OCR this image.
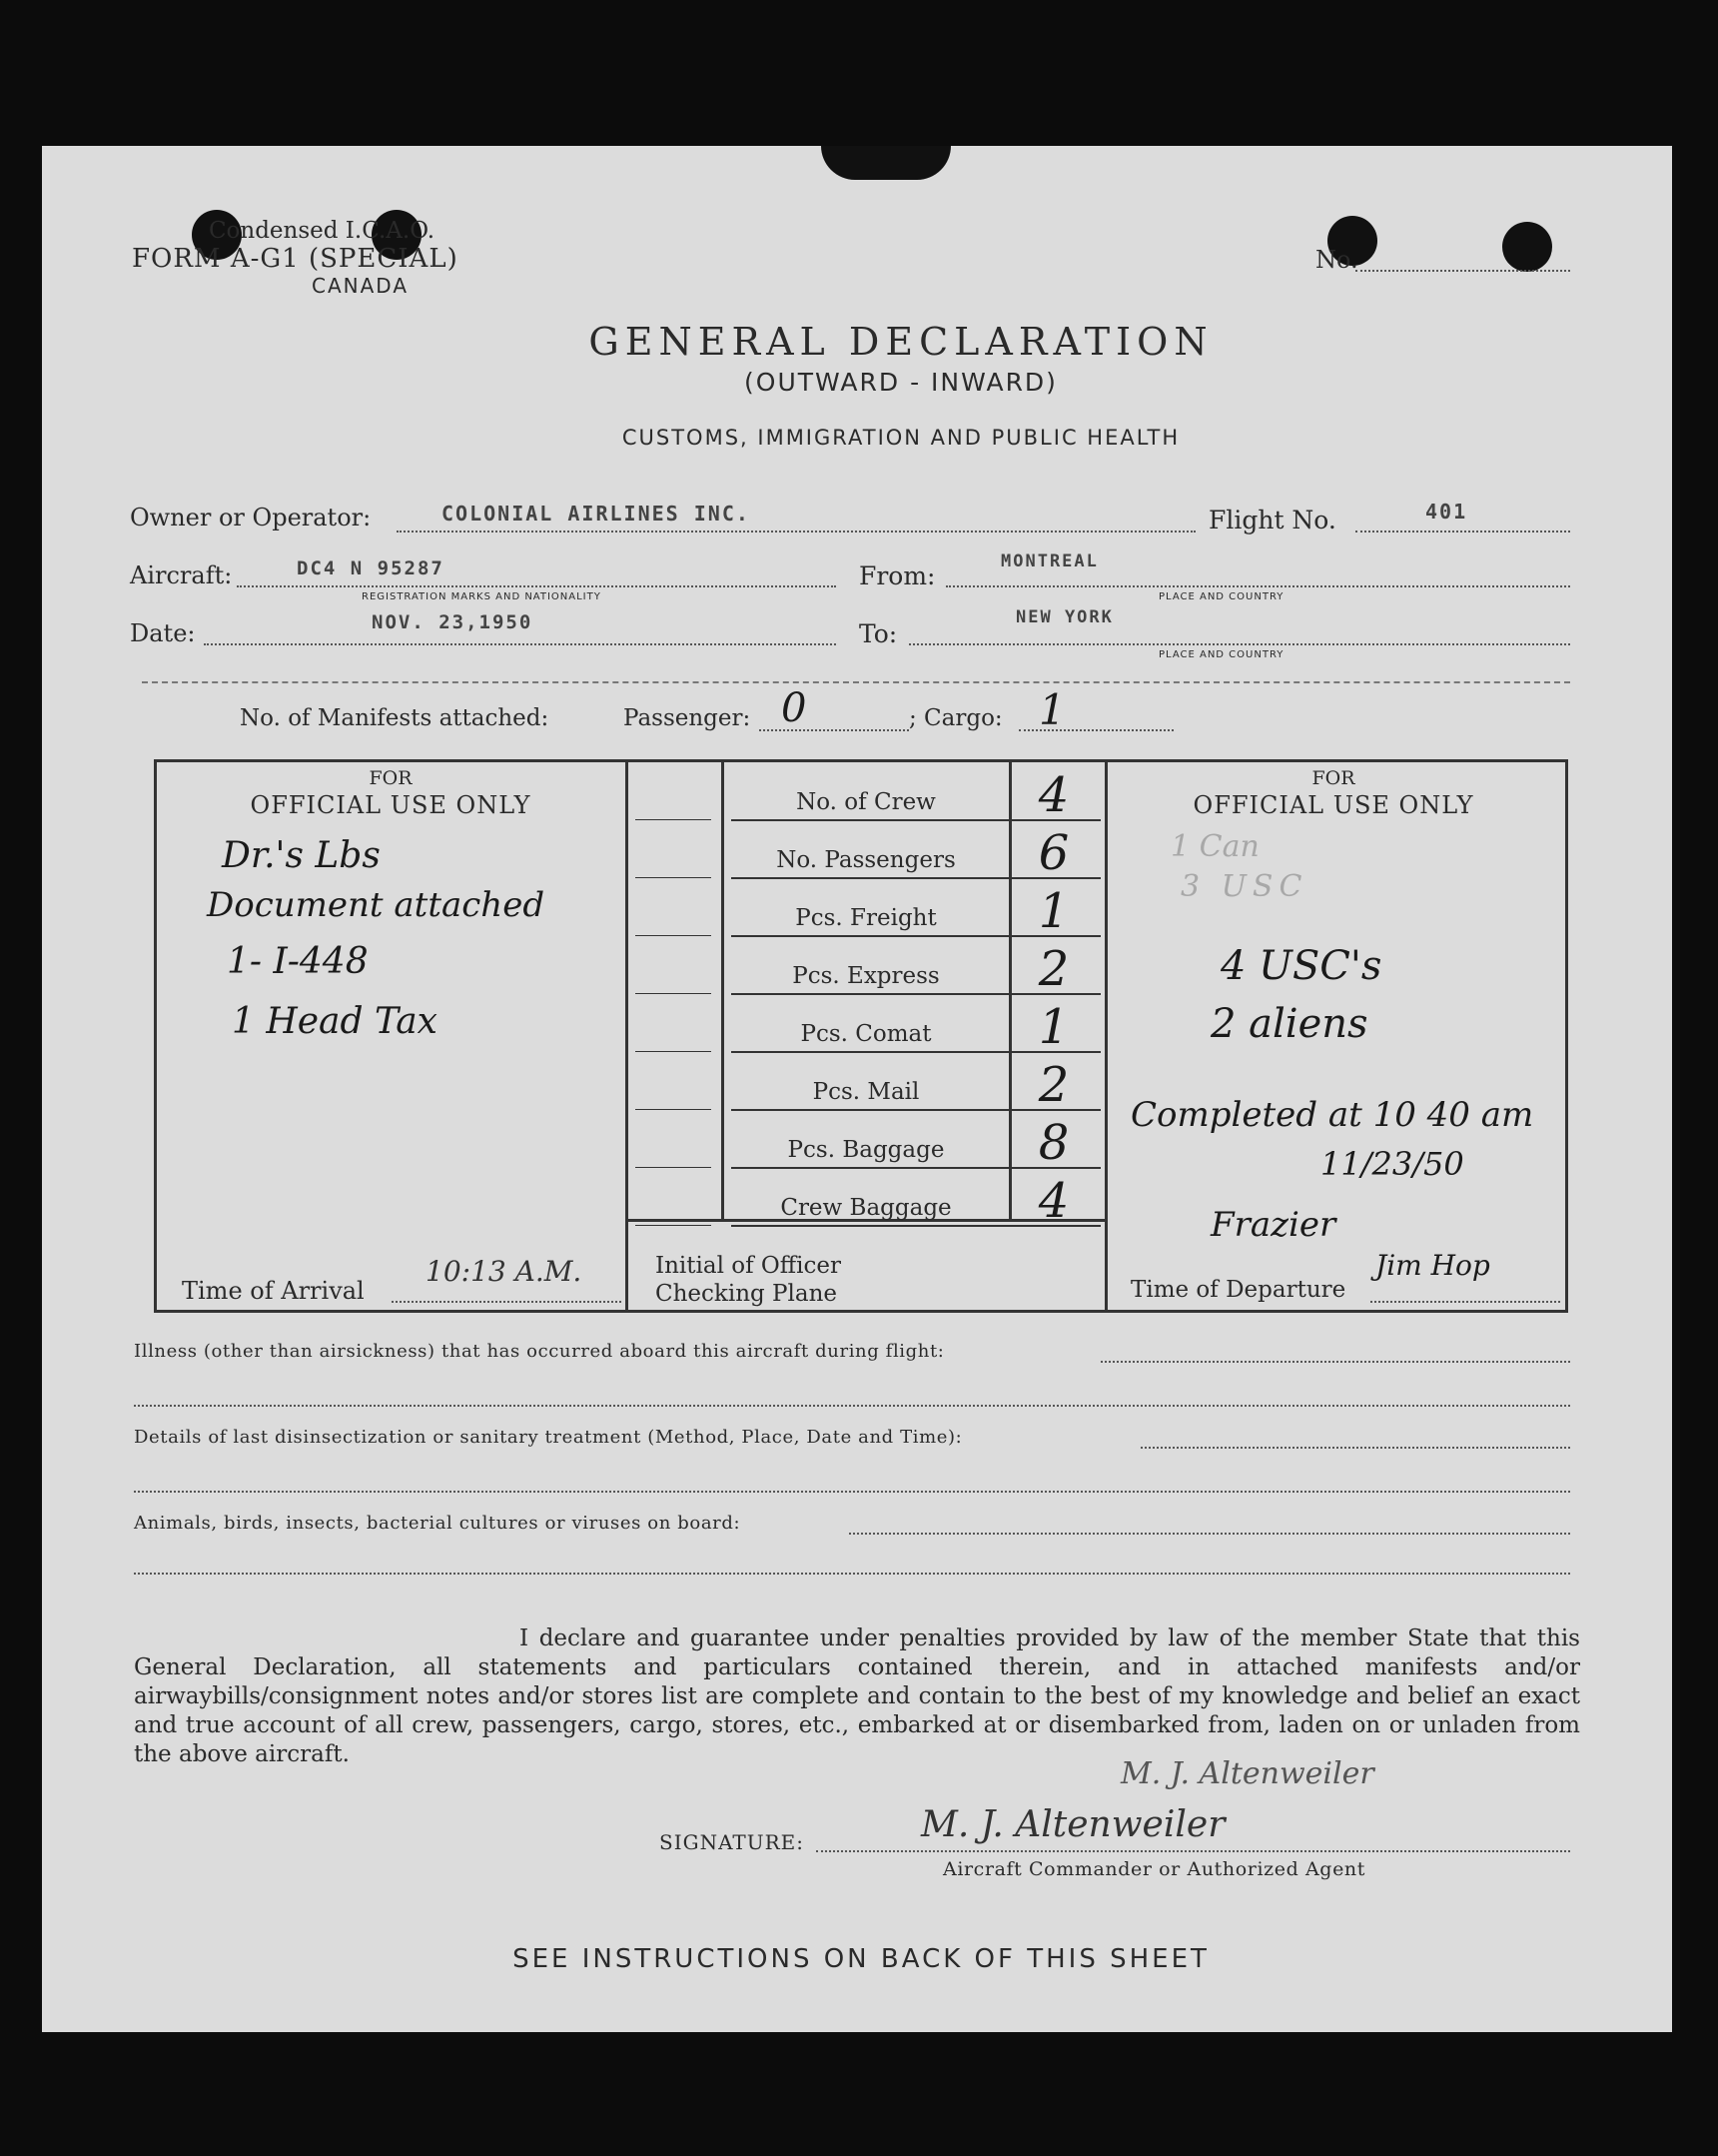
Condensed I.C.A.O.
FORM A-G1 (SPECIAL)
CANADA
No.
GENERAL DECLARATION
(OUTWARD - INWARD)
CUSTOMS, IMMIGRATION AND PUBLIC HEALTH
Owner or Operator:	COLONIAL AIRLINES INC.	Flight No.	401
Aircraft:	DC4 N 95287
REGISTRATION MARKS AND NATIONALITY
From:	MONTREAL
PLACE AND COUNTRY
Date:	NOV. 23,1950	To:
NEW YORK
PLACE AND COUNTRY
No. of Manifests attached:	Passenger: 0	; Cargo: 1
FOR
OFFICIAL USE ONLY
Dr.'s Lbs
Document attached
1- I-448
1 Head Tax
Time of Arrival
10:13 A.M.
No. of Crew	4
No. Passengers	6
Pcs. Freight	1
Pcs. Express	2
Pcs. Comat	1
Pcs. Mail	2
Pcs. Baggage	8
Crew Baggage	4
Initial of Officer
Checking Plane
FOR
OFFICIAL USE ONLY
1 Can
3 USC
4 USC's
2 aliens
Completed at 10 40 am
11/23/50
Frazier
Time of Departure
Jim Hop
Illness (other than airsickness) that has occurred aboard this aircraft during flight:
Details of last disinsectization or sanitary treatment (Method, Place, Date and Time):
Animals, birds, insects, bacterial cultures or viruses on board:
I declare and guarantee under penalties provided by law of the member State that this General Declaration, all statements and particulars contained therein, and in attached manifests and/or airwaybills/consignment notes and/or stores list are complete and contain to the best of my knowledge and belief an exact and true account of all crew, passengers, cargo, stores, etc., embarked at or disembarked from, laden on or unladen from the above aircraft.
M. J. Altenweiler
SIGNATURE:	M. J. Altenweiler
Aircraft Commander or Authorized Agent
SEE INSTRUCTIONS ON BACK OF THIS SHEET
